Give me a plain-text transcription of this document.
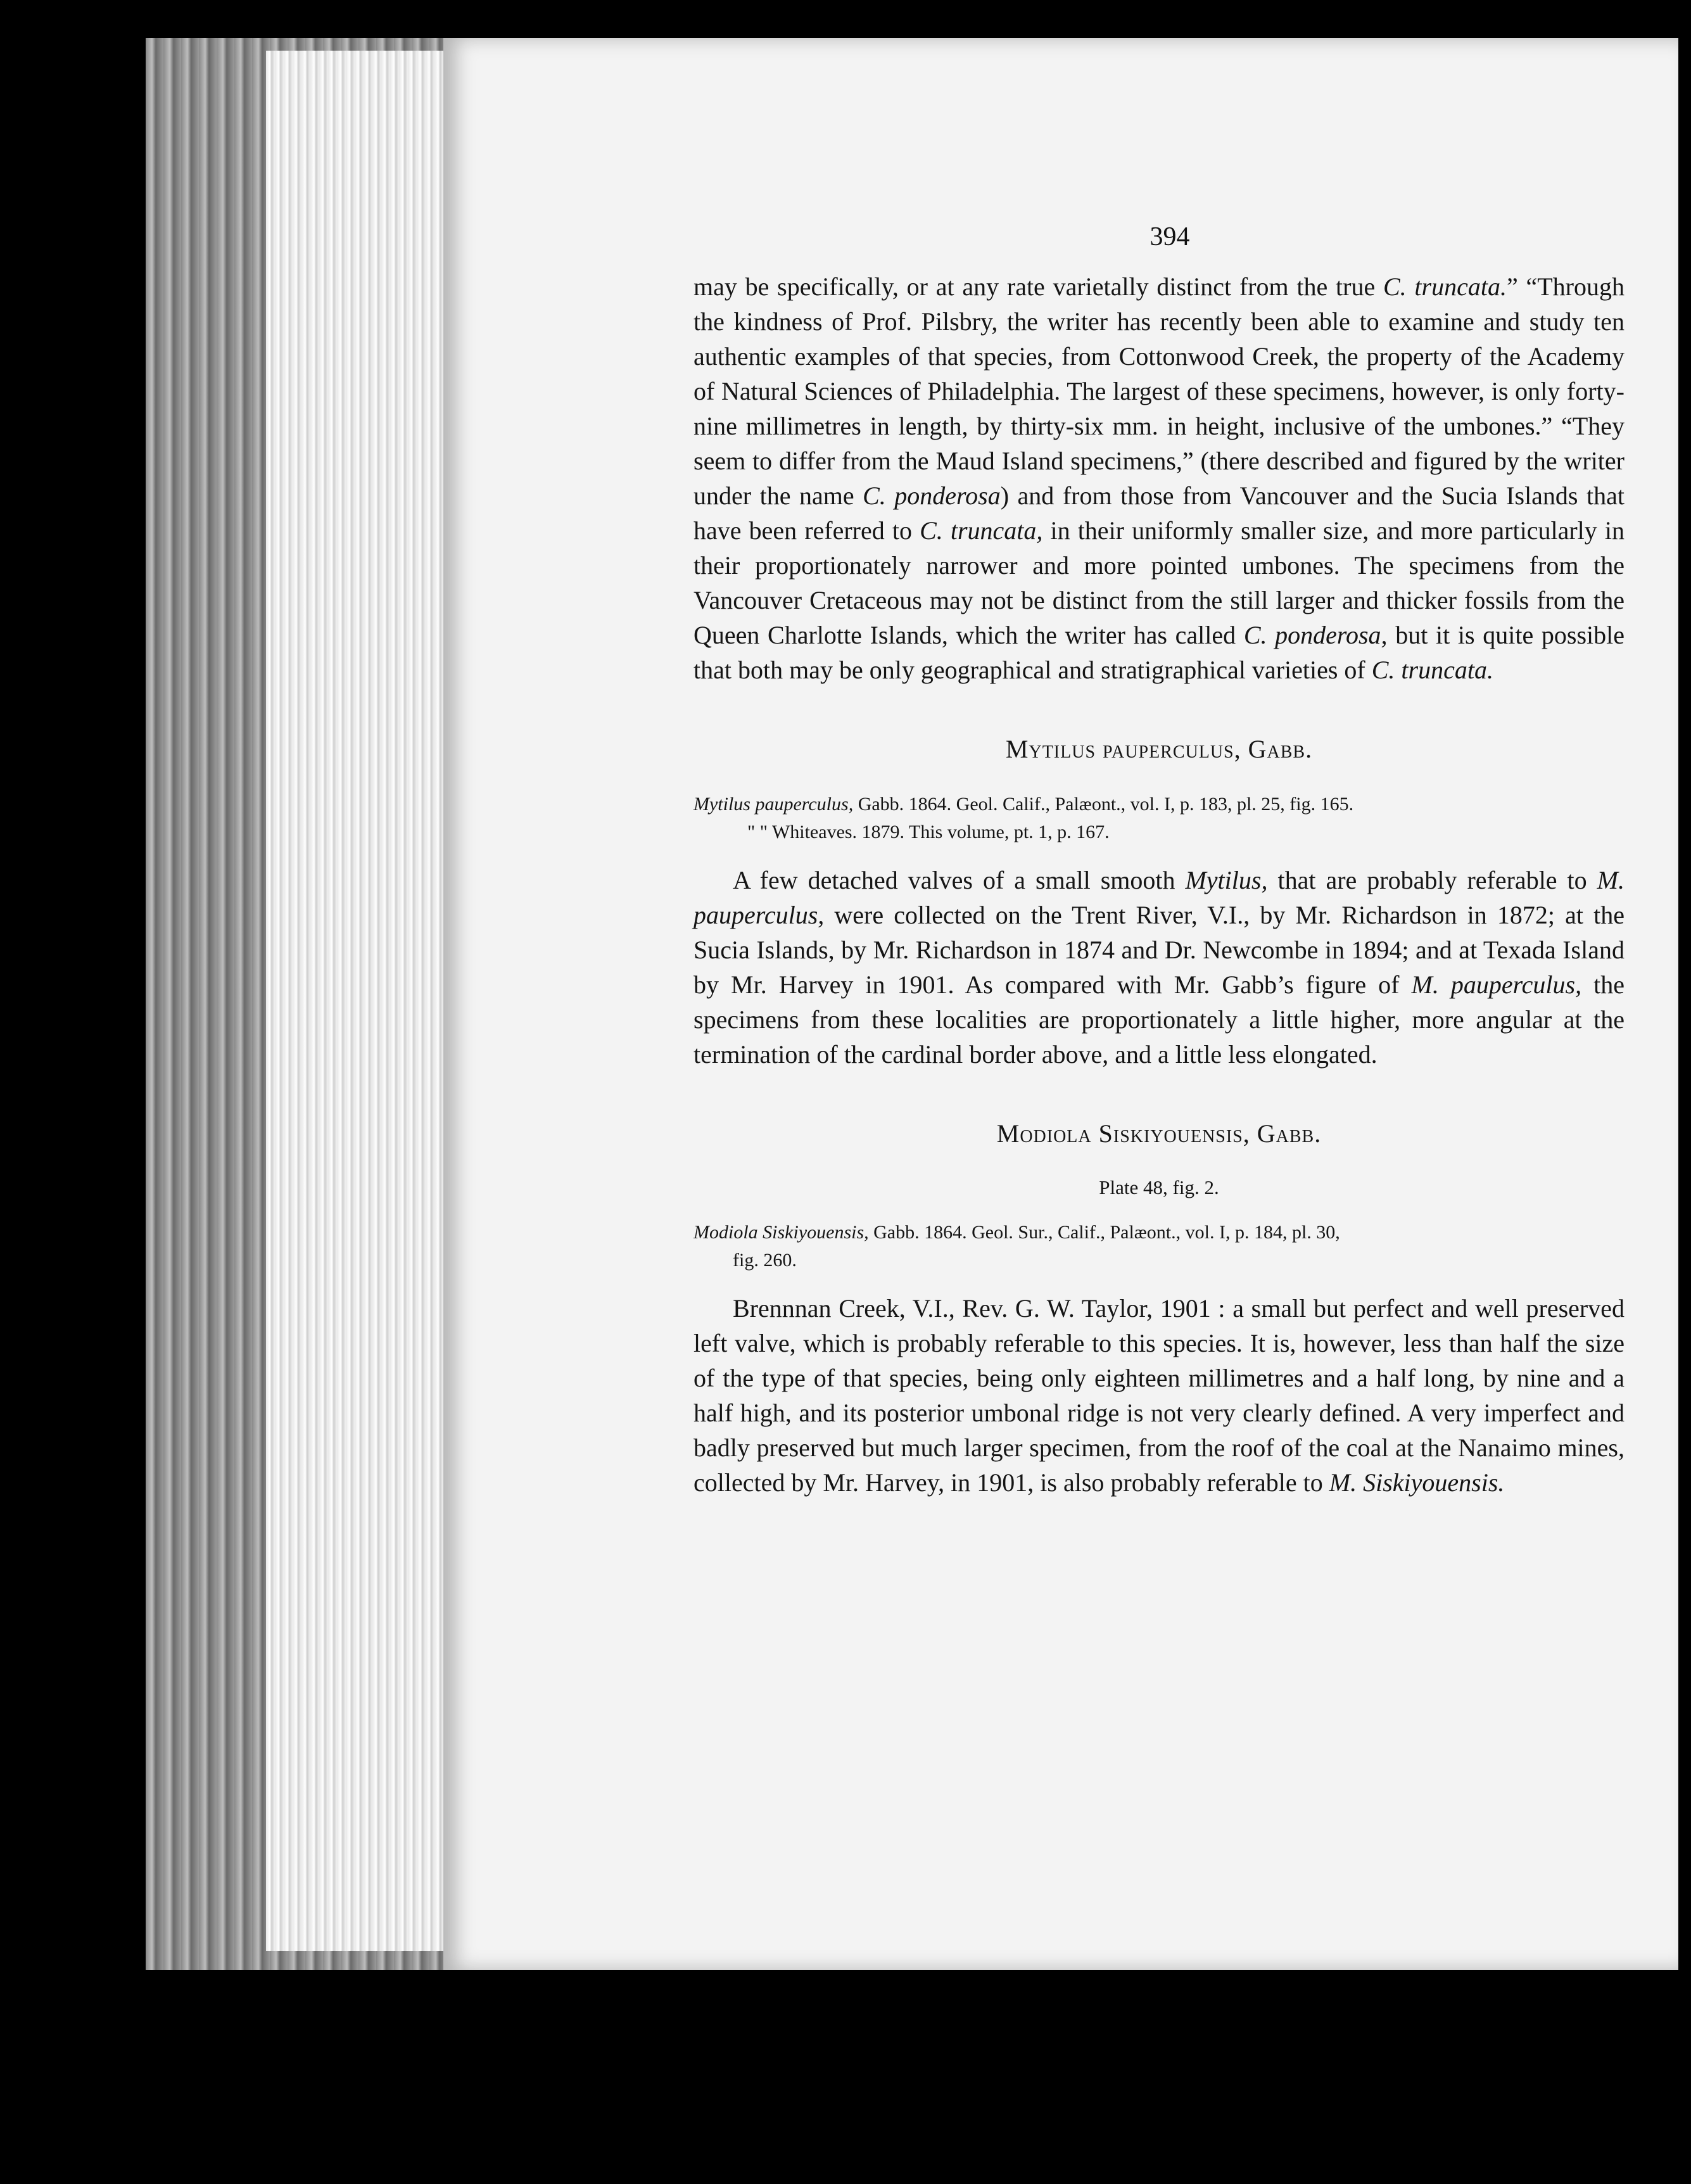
394

may be specifically, or at any rate varietally distinct from the true C. truncata.” “Through the kindness of Prof. Pilsbry, the writer has recently been able to examine and study ten authentic examples of that species, from Cottonwood Creek, the property of the Academy of Natural Sciences of Philadelphia. The largest of these specimens, however, is only forty-nine millimetres in length, by thirty-six mm. in height, inclusive of the umbones.” “They seem to differ from the Maud Island specimens,” (there described and figured by the writer under the name C. ponderosa) and from those from Vancouver and the Sucia Islands that have been referred to C. truncata, in their uniformly smaller size, and more particularly in their proportionately narrower and more pointed umbones. The specimens from the Vancouver Cretaceous may not be distinct from the still larger and thicker fossils from the Queen Charlotte Islands, which the writer has called C. ponderosa, but it is quite possible that both may be only geographical and stratigraphical varieties of C. truncata.

Mytilus pauperculus, Gabb.
Mytilus pauperculus, Gabb. 1864. Geol. Calif., Palæont., vol. I, p. 183, pl. 25, fig. 165.
" " Whiteaves. 1879. This volume, pt. 1, p. 167.

A few detached valves of a small smooth Mytilus, that are probably referable to M. pauperculus, were collected on the Trent River, V.I., by Mr. Richardson in 1872; at the Sucia Islands, by Mr. Richardson in 1874 and Dr. Newcombe in 1894; and at Texada Island by Mr. Harvey in 1901. As compared with Mr. Gabb’s figure of M. pauperculus, the specimens from these localities are proportionately a little higher, more angular at the termination of the cardinal border above, and a little less elongated.

Modiola Siskiyouensis, Gabb.
Plate 48, fig. 2.
Modiola Siskiyouensis, Gabb. 1864. Geol. Sur., Calif., Palæont., vol. I, p. 184, pl. 30,
fig. 260.

Brennnan Creek, V.I., Rev. G. W. Taylor, 1901 : a small but perfect and well preserved left valve, which is probably referable to this species. It is, however, less than half the size of the type of that species, being only eighteen millimetres and a half long, by nine and a half high, and its posterior umbonal ridge is not very clearly defined. A very imperfect and badly preserved but much larger specimen, from the roof of the coal at the Nanaimo mines, collected by Mr. Harvey, in 1901, is also probably referable to M. Siskiyouensis.
